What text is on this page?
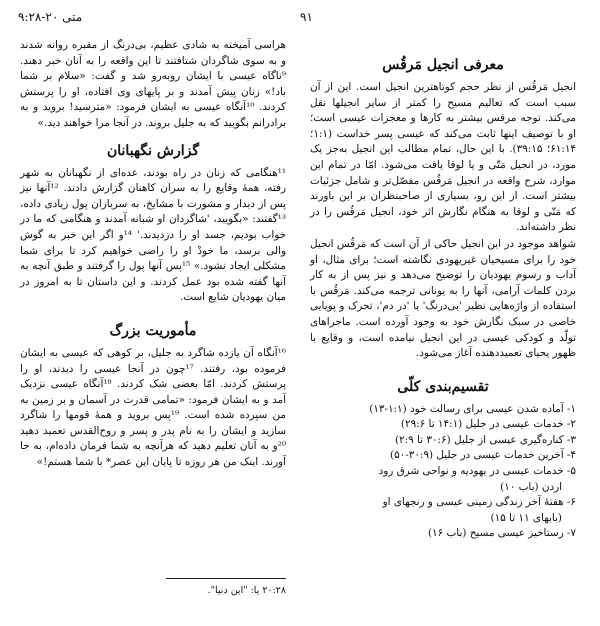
۹:۲۸-۲۰ متی	۹۱

هراسی آمیخته به شادی عظیم، بی‌درنگ از مقبره روانه شدند و به سوی شاگردان شتافتند تا این واقعه را به آنان خبر دهند. ⁹ناگاه عیسی با ایشان روبه‌رو شد و گفت: «سلام بر شما باد!» زنان پیش آمدند و بر پایهای وی افتاده، او را پرستش کردند. ¹⁰آنگاه عیسی به ایشان فرمود: «مترسید! بروید و به برادرانم بگویید که به جلیل بروند. در آنجا مرا خواهند دید.»

گزارش نگهبانان

¹¹هنگامی که زنان در راه بودند، عده‌ای از نگهبانان به شهر رفته، همهٔ وقایع را به سران کاهنان گزارش دادند. ¹²آنها نیز پس از دیدار و مشورت با مشایخ، به سربازان پول زیادی داده، ¹³گفتند: «بگویید، 'شاگردان او شبانه آمدند و هنگامی که ما در خواب بودیم، جسد او را دزدیدند.' ¹⁴و اگر این خبر به گوش والی برسد، ما خودْ او را راضی خواهیم کرد تا برای شما مشکلی ایجاد نشود.» ¹⁵پس آنها پول را گرفتند و طبق آنچه به آنها گفته شده بود عمل کردند. و این داستان تا به امروز در میان یهودیان شایع است.

مأموریت بزرگ

¹⁶آنگاه آن یازده شاگرد به جلیل، بر کوهی که عیسی به ایشان فرموده بود، رفتند. ¹⁷چون در آنجا عیسی را دیدند، او را پرستش کردند. امّا بعضی شک کردند. ¹⁸آنگاه عیسی نزدیک آمد و به ایشان فرمود: «تمامی قدرت در آسمان و بر زمین به من سپرده شده است. ¹⁹پس بروید و همهٔ قومها را شاگرد سازید و ایشان را به نام پدر و پسر و روح‌القدس تعمید دهید ²⁰و به آنان تعلیم دهید که هرآنچه به شما فرمان داده‌ام، به جا آورند. اینک من هر روزه تا پایان این عصر* با شما هستم!»

معرفی انجیل مَرقُس

انجیل مَرقُس از نظر حجم کوتاهترین انجیل است. این از آن سبب است که تعالیم مسیح را کمتر از سایر انجیلها نقل می‌کند. توجه مرقس بیشتر به کارها و معجزات عیسی است؛ او با توصیف اینها ثابت می‌کند که عیسی پسر خداست (۱:۱؛ ۶۱:۱۴؛ ۳۹:۱۵). با این حال، تمام مطالب این انجیل به‌جز یک مورد، در انجیل مَتّی و یا لوقا یافت می‌شود. امّا در تمام این موارد، شرح واقعه در انجیل مَرقُس مفصّل‌تر و شامل جزئیات بیشتر است. از این رو، بسیاری از صاحبنظران بر این باورند که مَتّی و لوقا به هنگام نگارش اثر خود، انجیل مَرقُس را در نظر داشته‌اند.

شواهد موجود در این انجیل حاکی از آن است که مَرقُس انجیل خود را برای مسیحیان غیریهودی نگاشته است؛ برای مثال، او آداب و رسوم یهودیان را توضیح می‌دهد و نیز پس از به کار بردن کلمات آرامی، آنها را به یونانی ترجمه می‌کند. مَرقُس با استفاده از واژه‌هایی نظیر 'بی‌درنگ' یا 'در دم'، تحرک و پویایی خاصی در سبک نگارش خود به وجود آورده است. ماجراهای تولّد و کودکی عیسی در این انجیل نیامده است، و وقایع با ظهور یحیای تعمیددهنده آغاز می‌شود.

تقسیم‌بندی کلّی
۱- آماده شدن عیسی برای رسالت خود (۱:۱-۱۳)
۲- خدمات عیسی در جلیل (۱۴:۱ تا ۲۹:۶)
۳- کناره‌گیری عیسی از جلیل (۳۰:۶ تا ۲:۹)
۴- آخرین خدمات عیسی در جلیل (۳۰:۹-۵۰)
۵- خدمات عیسی در یهودیه و نواحی شرق رود
اردن (باب ۱۰)
۶- هفتهٔ آخر زندگی زمینی عیسی و رنجهای او
(بابهای ۱۱ تا ۱۵)
۷- رستاخیز عیسی مسیح (باب ۱۶)
۲۰:۲۸ یا: "این دنیا".
